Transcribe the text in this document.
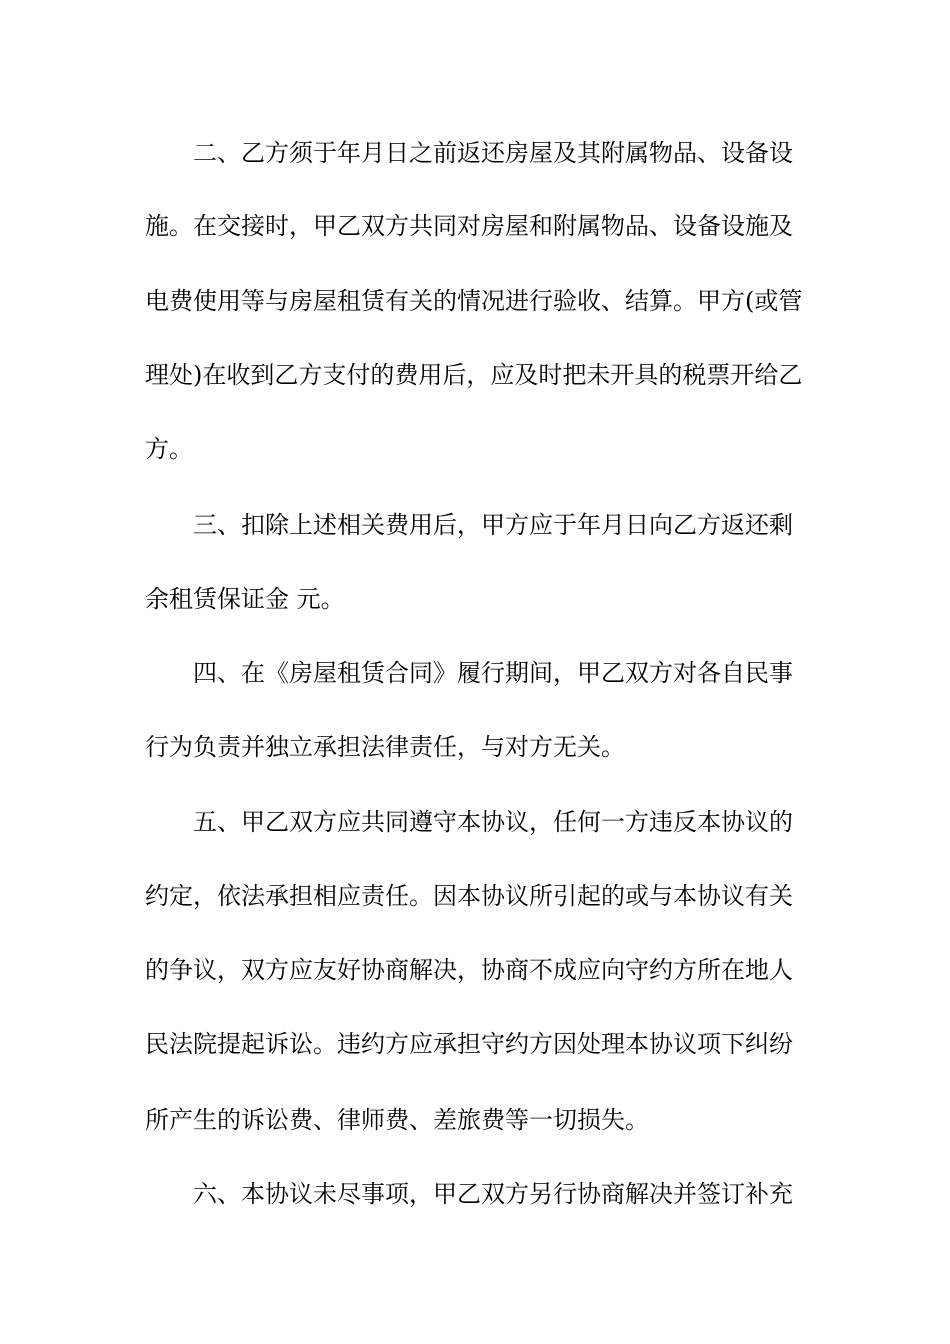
二、乙方须于年月日之前返还房屋及其附属物品、设备设
施。在交接时，甲乙双方共同对房屋和附属物品、设备设施及
电费使用等与房屋租赁有关的情况进行验收、结算。甲方(或管
理处)在收到乙方支付的费用后，应及时把未开具的税票开给乙
方。
三、扣除上述相关费用后，甲方应于年月日向乙方返还剩
余租赁保证金 元。
四、在《房屋租赁合同》履行期间，甲乙双方对各自民事
行为负责并独立承担法律责任，与对方无关。
五、甲乙双方应共同遵守本协议，任何一方违反本协议的
约定，依法承担相应责任。因本协议所引起的或与本协议有关
的争议，双方应友好协商解决，协商不成应向守约方所在地人
民法院提起诉讼。违约方应承担守约方因处理本协议项下纠纷
所产生的诉讼费、律师费、差旅费等一切损失。
六、本协议未尽事项，甲乙双方另行协商解决并签订补充
